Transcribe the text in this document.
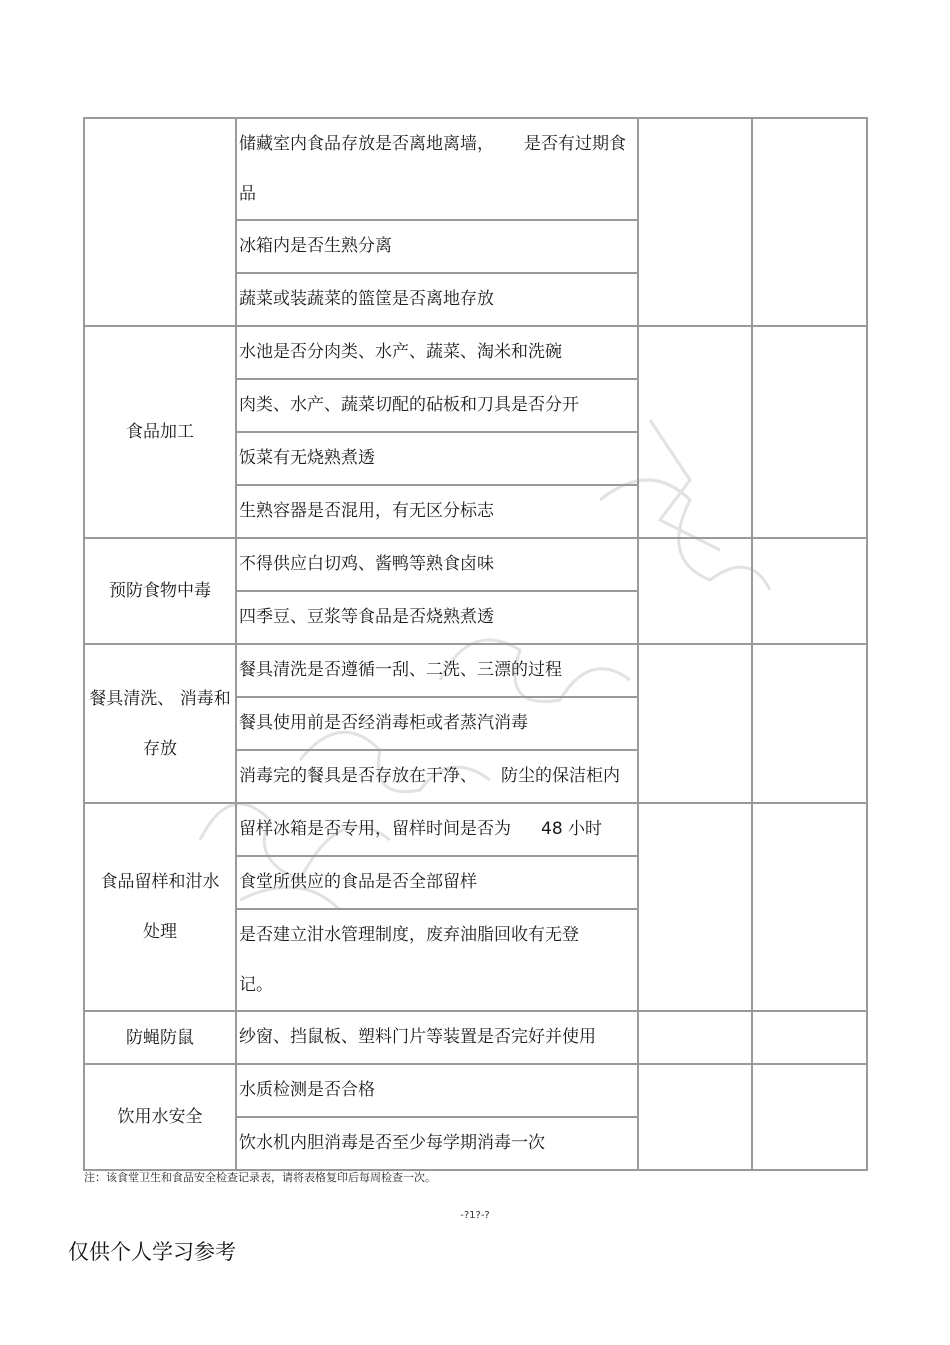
	储藏室内食品存放是否离地离墙， 是否有过期食品		
	冰箱内是否生熟分离		
	蔬菜或装蔬菜的篮筐是否离地存放		
食品加工	水池是否分肉类、水产、蔬菜、淘米和洗碗		
	肉类、水产、蔬菜切配的砧板和刀具是否分开		
	饭菜有无烧熟煮透		
	生熟容器是否混用，有无区分标志		
预防食物中毒	不得供应白切鸡、酱鸭等熟食卤味		
	四季豆、豆浆等食品是否烧熟煮透		

餐具清洗、 消毒和
存放	餐具清洗是否遵循一刮、二洗、三漂的过程		
	餐具使用前是否经消毒柜或者蒸汽消毒		
	消毒完的餐具是否存放在干净、 防尘的保洁柜内		

食品留样和泔水
处理	留样冰箱是否专用，留样时间是否为 48 小时		
	食堂所供应的食品是否全部留样		
	是否建立泔水管理制度，废弃油脂回收有无登记。		
防蝇防鼠	纱窗、挡鼠板、塑料门片等装置是否完好并使用		
饮用水安全	水质检测是否合格		
	饮水机内胆消毒是否至少每学期消毒一次		
注：该食堂卫生和食品安全检查记录表，请将表格复印后每周检查一次。
-?1?-?
仅供个人学习参考
